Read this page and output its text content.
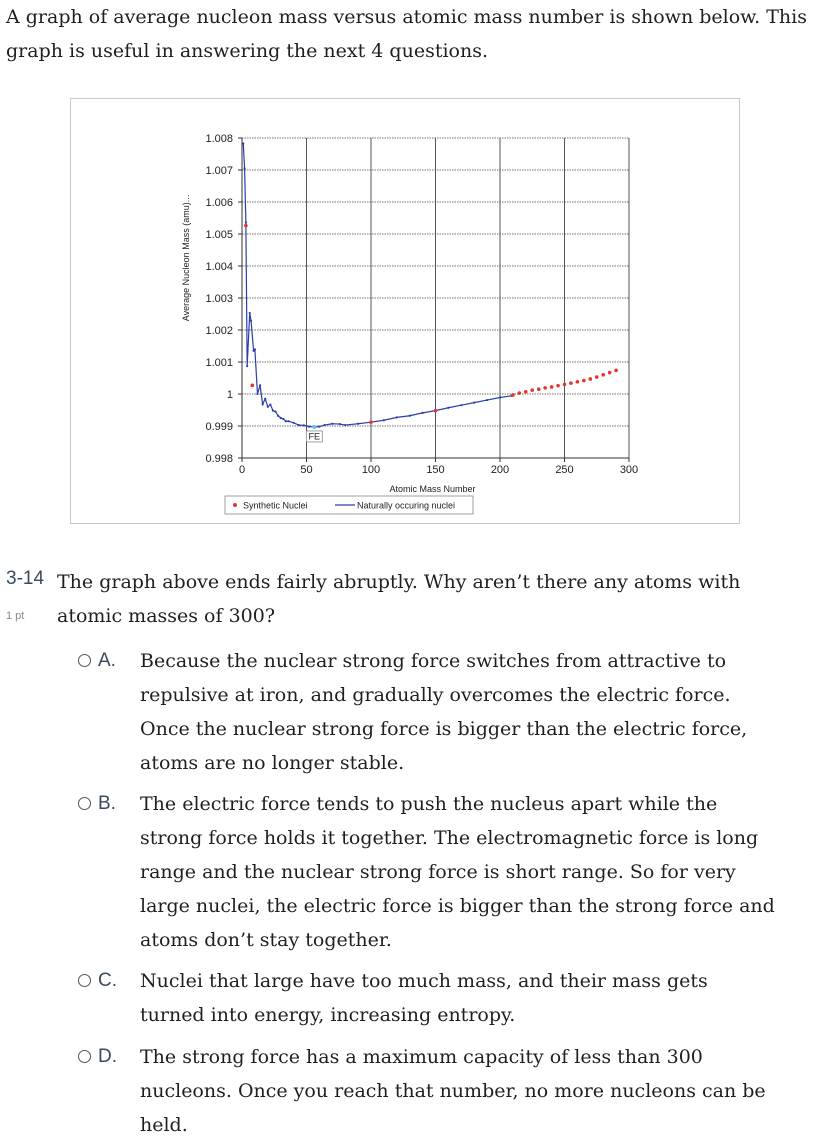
A graph of average nucleon mass versus atomic mass number is shown below. This graph is useful in answering the next 4 questions.

1.008
1.007
1.006
1.005
1.004
1.003
1.002
1.001
1
0.999
0.998
0	50	100	150	200	250	300
Atomic Mass Number
Average Nucleon Mass (amu)...
FE
Synthetic Nuclei	Naturally occuring nuclei
3-14
1 pt

The graph above ends fairly abruptly. Why aren’t there any atoms with atomic masses of 300?

A. Because the nuclear strong force switches from attractive to repulsive at iron, and gradually overcomes the electric force. Once the nuclear strong force is bigger than the electric force, atoms are no longer stable.
B. The electric force tends to push the nucleus apart while the strong force holds it together. The electromagnetic force is long range and the nuclear strong force is short range. So for very large nuclei, the electric force is bigger than the strong force and atoms don’t stay together.
C. Nuclei that large have too much mass, and their mass gets turned into energy, increasing entropy.
D. The strong force has a maximum capacity of less than 300 nucleons. Once you reach that number, no more nucleons can be held.
